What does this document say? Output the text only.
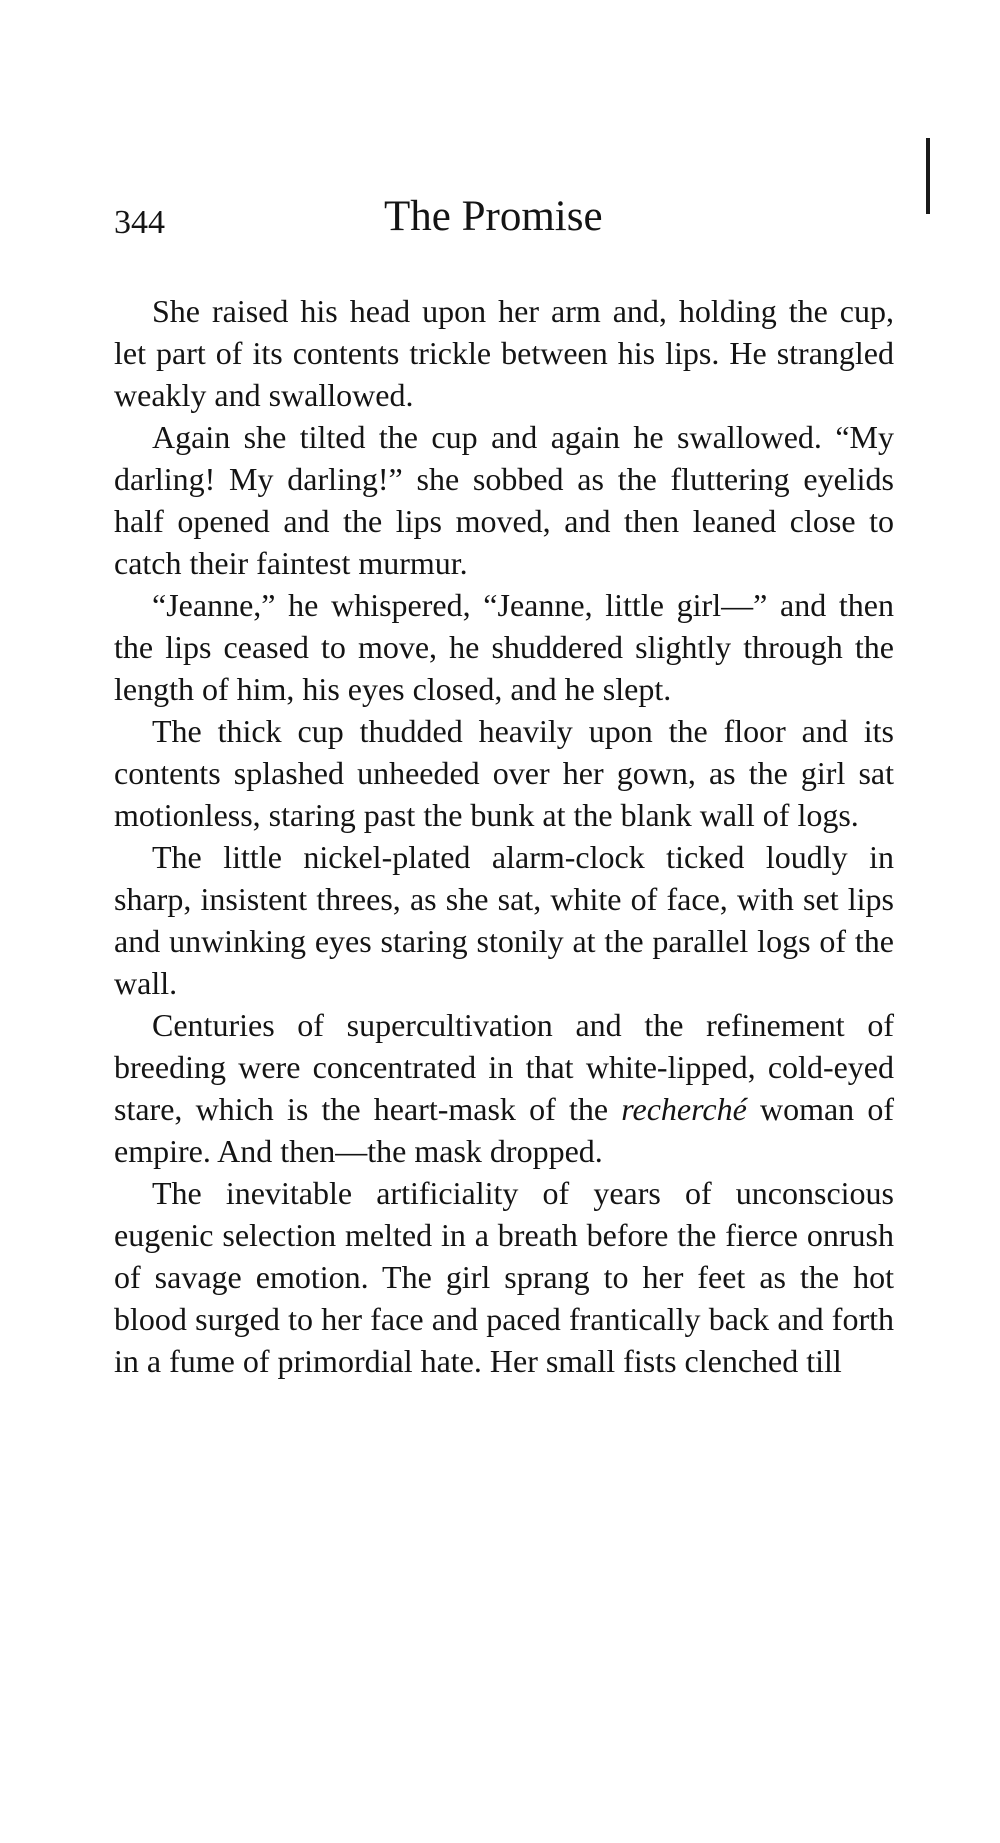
344	The Promise

She raised his head upon her arm and, holding the cup, let part of its contents trickle between his lips. He strangled weakly and swallowed.

Again she tilted the cup and again he swallowed. “My darling! My darling!” she sobbed as the fluttering eyelids half opened and the lips moved, and then leaned close to catch their faintest murmur.

“Jeanne,” he whispered, “Jeanne, little girl—” and then the lips ceased to move, he shuddered slightly through the length of him, his eyes closed, and he slept.

The thick cup thudded heavily upon the floor and its contents splashed unheeded over her gown, as the girl sat motionless, staring past the bunk at the blank wall of logs.

The little nickel-plated alarm-clock ticked loudly in sharp, insistent threes, as she sat, white of face, with set lips and unwinking eyes staring stonily at the parallel logs of the wall.

Centuries of supercultivation and the refinement of breeding were concentrated in that white-lipped, cold-eyed stare, which is the heart-mask of the recherché woman of empire. And then—the mask dropped.

The inevitable artificiality of years of unconscious eugenic selection melted in a breath before the fierce onrush of savage emotion. The girl sprang to her feet as the hot blood surged to her face and paced frantically back and forth in a fume of primordial hate. Her small fists clenched till
